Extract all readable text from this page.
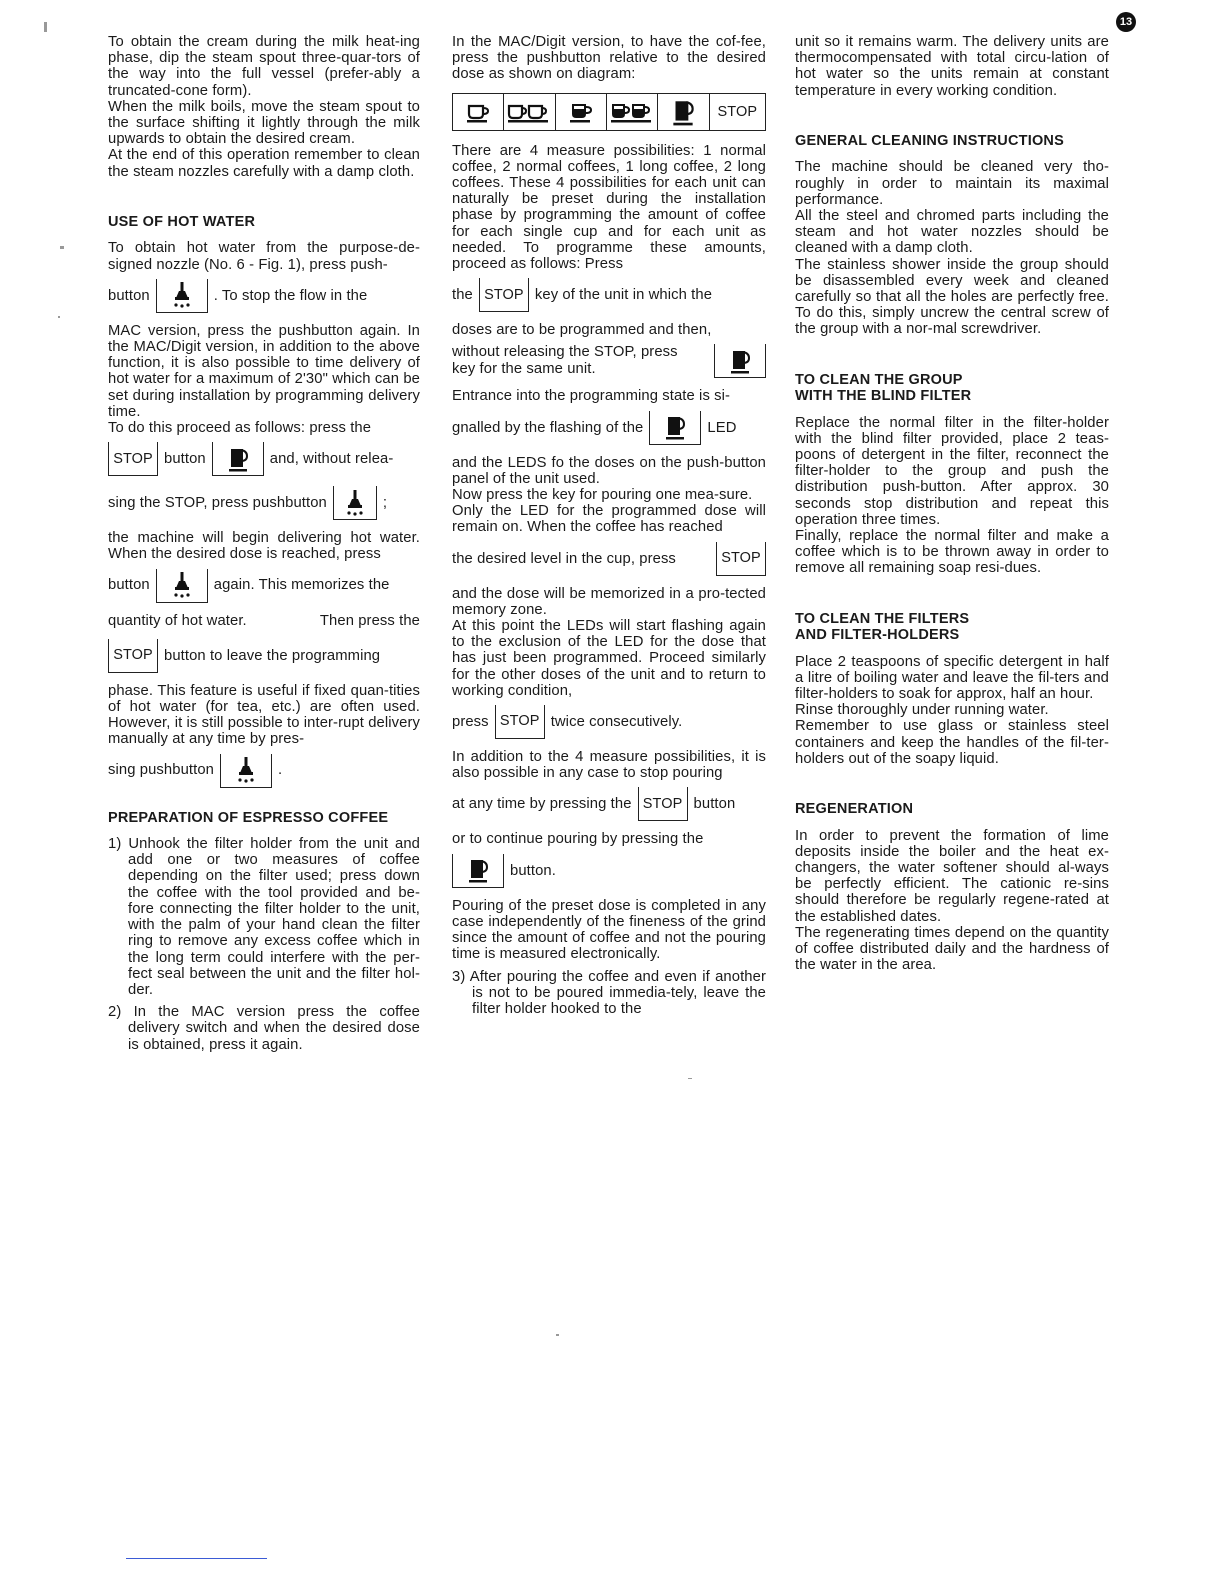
13

To obtain the cream during the milk heat-ing phase, dip the steam spout three-quar-tors of the way into the full vessel (prefer-ably a truncated-cone form).

When the milk boils, move the steam spout to the surface shifting it lightly through the milk upwards to obtain the desired cream.

At the end of this operation remember to clean the steam nozzles carefully with a damp cloth.

USE OF HOT WATER

To obtain hot water from the purpose-de-signed nozzle (No. 6 - Fig. 1), press push-

button	. To stop the flow in the

MAC version, press the pushbutton again. In the MAC/Digit version, in addition to the above function, it is also possible to time delivery of hot water for a maximum of 2'30" which can be set during installation by programming delivery time.

To do this proceed as follows: press the

STOP button	and, without relea-
sing the STOP, press pushbutton	;

the machine will begin delivering hot water. When the desired dose is reached, press

button	again. This memorizes the
quantity of hot water.	Then press the
STOP button to leave the programming

phase. This feature is useful if fixed quan-tities of hot water (for tea, etc.) are often used. However, it is still possible to inter-rupt delivery manually at any time by pres-

sing pushbutton	.
PREPARATION OF ESPRESSO COFFEE

1) Unhook the filter holder from the unit and add one or two measures of coffee depending on the filter used; press down the coffee with the tool provided and be-fore connecting the filter holder to the unit, with the palm of your hand clean the filter ring to remove any excess coffee which in the long term could interfere with the per-fect seal between the unit and the filter hol-der.

2) In the MAC version press the coffee delivery switch and when the desired dose is obtained, press it again.

In the MAC/Digit version, to have the cof-fee, press the pushbutton relative to the desired dose as shown on diagram:

STOP

There are 4 measure possibilities: 1 normal coffee, 2 normal coffees, 1 long coffee, 2 long coffees. These 4 possibilities for each unit can naturally be preset during the installation phase by programming the amount of coffee for each single cup and for each unit as needed. To programme these amounts, proceed as follows: Press

the STOP key of the unit in which the

doses are to be programmed and then,

without releasing the STOP, press
key for the same unit.

Entrance into the programming state is si-

gnalled by the flashing of the	LED

and the LEDS fo the doses on the push-button panel of the unit used.

Now press the key for pouring one mea-sure.

Only the LED for the programmed dose will remain on. When the coffee has reached

the desired level in the cup, press	STOP

and the dose will be memorized in a pro-tected memory zone.

At this point the LEDs will start flashing again to the exclusion of the LED for the dose that has just been programmed. Proceed similarly for the other doses of the unit and to return to working condition,

press STOP twice consecutively.

In addition to the 4 measure possibilities, it is also possible in any case to stop pouring

at any time by pressing the STOP button

or to continue pouring by pressing the

button.

Pouring of the preset dose is completed in any case independently of the fineness of the grind since the amount of coffee and not the pouring time is measured electronically.

3) After pouring the coffee and even if another is not to be poured immedia-tely, leave the filter holder hooked to the

unit so it remains warm. The delivery units are thermocompensated with total circu-lation of hot water so the units remain at constant temperature in every working condition.

GENERAL CLEANING INSTRUCTIONS

The machine should be cleaned very tho-roughly in order to maintain its maximal performance.

All the steel and chromed parts including the steam and hot water nozzles should be cleaned with a damp cloth.

The stainless shower inside the group should be disassembled every week and cleaned carefully so that all the holes are perfectly free. To do this, simply uncrew the central screw of the group with a nor-mal screwdriver.

TO CLEAN THE GROUP
WITH THE BLIND FILTER

Replace the normal filter in the filter-holder with the blind filter provided, place 2 teas-poons of detergent in the filter, reconnect the filter-holder to the group and push the distribution push-button. After approx. 30 seconds stop distribution and repeat this operation three times.

Finally, replace the normal filter and make a coffee which is to be thrown away in order to remove all remaining soap resi-dues.

TO CLEAN THE FILTERS
AND FILTER-HOLDERS

Place 2 teaspoons of specific detergent in half a litre of boiling water and leave the fil-ters and filter-holders to soak for approx, half an hour.

Rinse thoroughly under running water.

Remember to use glass or stainless steel containers and keep the handles of the fil-ter-holders out of the soapy liquid.

REGENERATION

In order to prevent the formation of lime deposits inside the boiler and the heat ex-changers, the water softener should al-ways be perfectly efficient. The cationic re-sins should therefore be regularly regene-rated at the established dates.

The regenerating times depend on the quantity of coffee distributed daily and the hardness of the water in the area.
